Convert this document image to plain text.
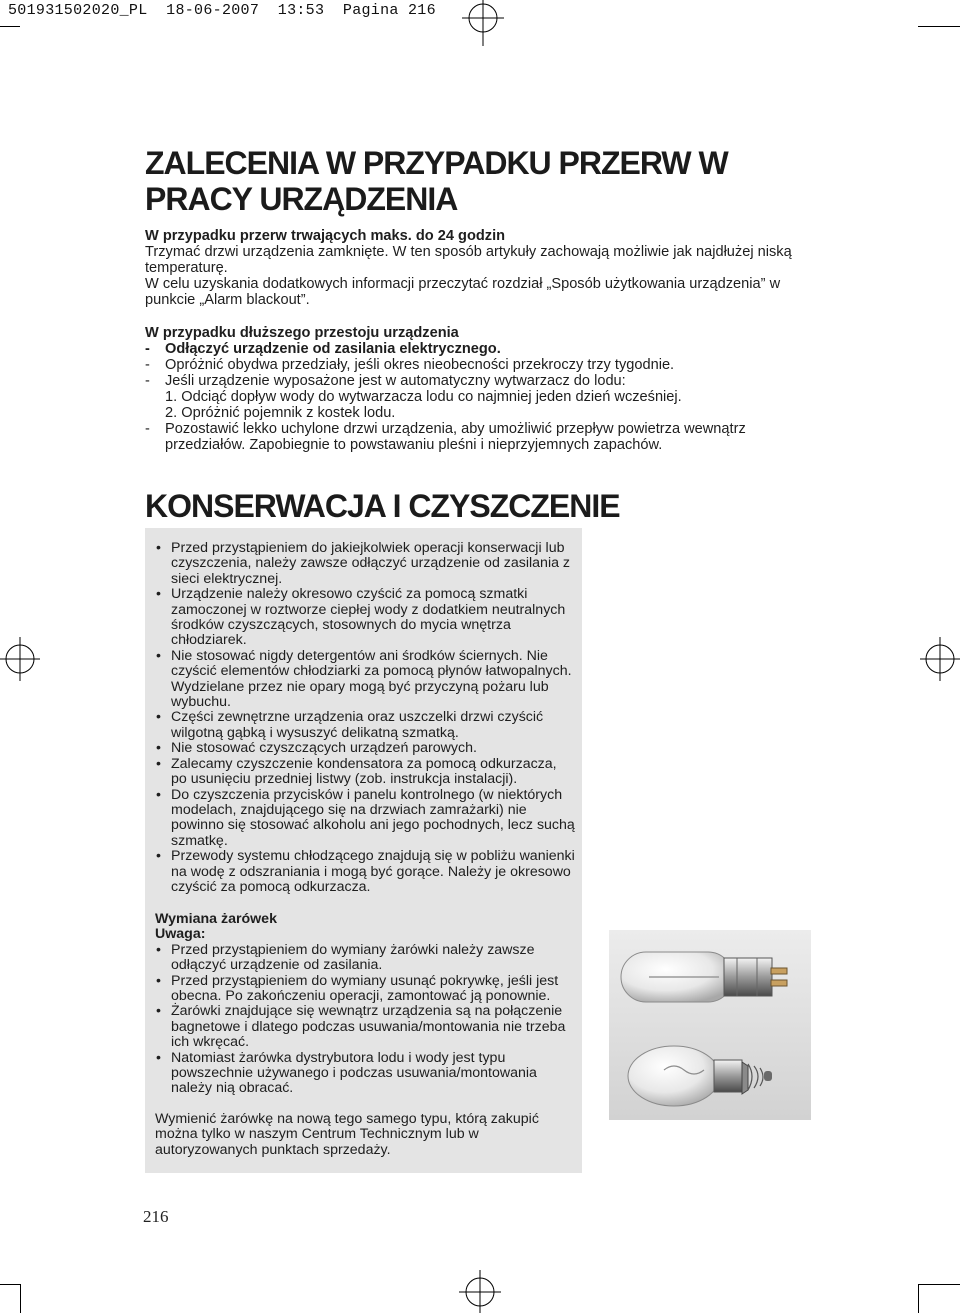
501931502020_PL 18-06-2007 13:53 Pagina 216
ZALECENIA W PRZYPADKU PRZERW W PRACY URZĄDZENIA

W przypadku przerw trwających maks. do 24 godzin

Trzymać drzwi urządzenia zamknięte. W ten sposób artykuły zachowają możliwie jak najdłużej niską temperaturę.

W celu uzyskania dodatkowych informacji przeczytać rozdział „Sposób użytkowania urządzenia” w punkcie „Alarm blackout”.

W przypadku dłuższego przestoju urządzenia

-	Odłączyć urządzenie od zasilania elektrycznego.
-	Opróżnić obydwa przedziały, jeśli okres nieobecności przekroczy trzy tygodnie.
-	Jeśli urządzenie wyposażone jest w automatyczny wytwarzacz do lodu:

1. Odciąć dopływ wody do wytwarzacza lodu co najmniej jeden dzień wcześniej.

2. Opróżnić pojemnik z kostek lodu.

-	Pozostawić lekko uchylone drzwi urządzenia, aby umożliwić przepływ powietrza wewnątrz przedziałów. Zapobiegnie to powstawaniu pleśni i nieprzyjemnych zapachów.
KONSERWACJA I CZYSZCZENIE
• Przed przystąpieniem do jakiejkolwiek operacji konserwacji lub czyszczenia, należy zawsze odłączyć urządzenie od zasilania z sieci elektrycznej.
• Urządzenie należy okresowo czyścić za pomocą szmatki zamoczonej w roztworze ciepłej wody z dodatkiem neutralnych środków czyszczących, stosownych do mycia wnętrza chłodziarek.
• Nie stosować nigdy detergentów ani środków ściernych. Nie czyścić elementów chłodziarki za pomocą płynów łatwopalnych. Wydzielane przez nie opary mogą być przyczyną pożaru lub wybuchu.
• Części zewnętrzne urządzenia oraz uszczelki drzwi czyścić wilgotną gąbką i wysuszyć delikatną szmatką.
• Nie stosować czyszczących urządzeń parowych.
• Zalecamy czyszczenie kondensatora za pomocą odkurzacza, po usunięciu przedniej listwy (zob. instrukcja instalacji).
• Do czyszczenia przycisków i panelu kontrolnego (w niektórych modelach, znajdującego się na drzwiach zamrażarki) nie powinno się stosować alkoholu ani jego pochodnych, lecz suchą szmatkę.
• Przewody systemu chłodzącego znajdują się w pobliżu wanienki na wodę z odszraniania i mogą być gorące. Należy je okresowo czyścić za pomocą odkurzacza.
Wymiana żarówek
Uwaga:
• Przed przystąpieniem do wymiany żarówki należy zawsze odłączyć urządzenie od zasilania.
• Przed przystąpieniem do wymiany usunąć pokrywkę, jeśli jest obecna. Po zakończeniu operacji, zamontować ją ponownie.
• Żarówki znajdujące się wewnątrz urządzenia są na połączenie bagnetowe i dlatego podczas usuwania/montowania nie trzeba ich wkręcać.
• Natomiast żarówka dystrybutora lodu i wody jest typu powszechnie używanego i podczas usuwania/montowania należy nią obracać.
Wymienić żarówkę na nową tego samego typu, którą zakupić można tylko w naszym Centrum Technicznym lub w autoryzowanych punktach sprzedaży.
216
